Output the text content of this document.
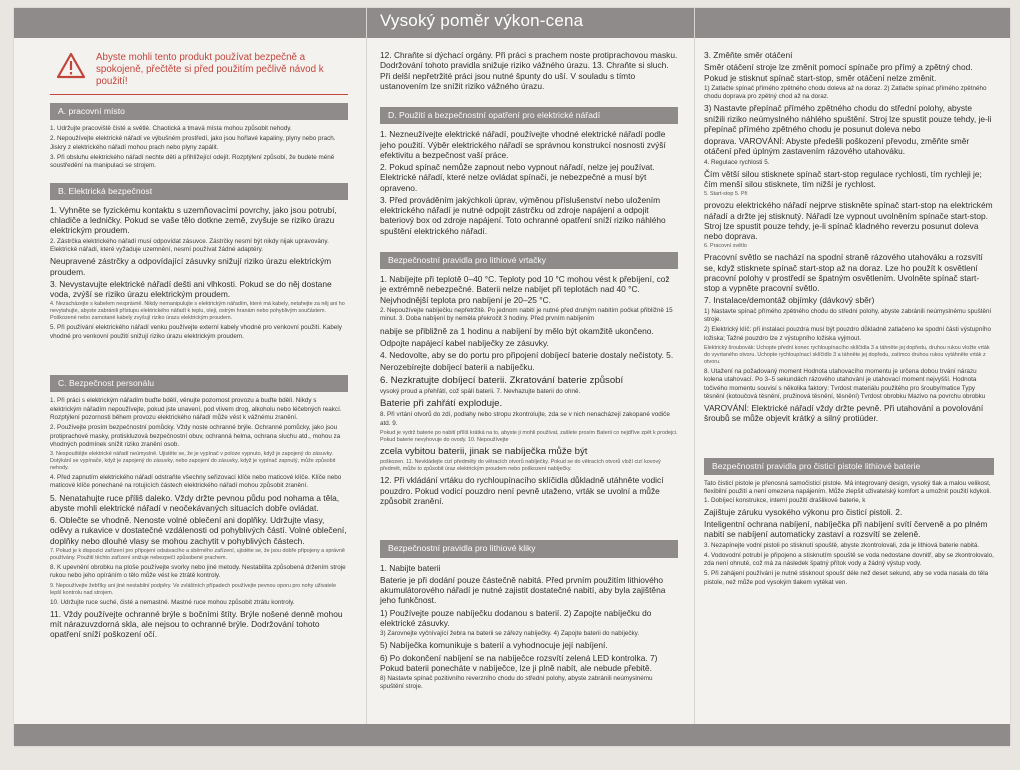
Vysoký poměr výkon-cena
Abyste mohli tento produkt používat bezpečně a spokojeně, přečtěte si před použitím pečlivě návod k použití!
A. pracovní místo

1. Udržujte pracoviště čisté a světlé. Chaotická a tmavá místa mohou způsobit nehody.

2. Nepoužívejte elektrické nářadí ve výbušném prostředí, jako jsou hořlavé kapaliny, plyny nebo prach. Jiskry z elektrického nářadí mohou prach nebo plyny zapálit.

3. Při obsluhu elektrického nářadí nechte děti a přihlížející odejít. Rozptýlení způsobí, že budete méně soustředění na manipulaci se strojem.

B. Elektrická bezpečnost

1. Vyhněte se fyzickému kontaktu s uzemňovacími povrchy, jako jsou potrubí, chladiče a ledničky. Pokud se vaše tělo dotkne země, zvyšuje se riziko úrazu elektrickým proudem.

2. Zástrčka elektrického nářadí musí odpovídat zásuvce. Zástrčky nesmí být nikdy nijak upravovány. Elektrické nářadí, které vyžaduje uzemnění, nesmí používat žádné adaptéry.

Neupravené zástrčky a odpovídající zásuvky snižují riziko úrazu elektrickým proudem.

3. Nevystavujte elektrické nářadí dešti ani vlhkosti. Pokud se do něj dostane voda, zvýší se riziko úrazu elektrickým proudem.

4. Nezacházejte s kabelem nesprávně. Nikdy nemanipulujte s elektrickým nářadím, které má kabely, netahejte za něj ani ho nevytahujte, abyste zabránili přístupu elektrického nářadí k teplu, oleji, ostrým hranám nebo pohyblivým součástem. Poškozené nebo zamotané kabely zvyšují riziko úrazu elektrickým proudem.

5. Při používání elektrického nářadí venku používejte externí kabely vhodné pro venkovní použití. Kabely vhodné pro venkovní použití snižují riziko úrazu elektrickým proudem.

C. Bezpečnost personálu

1. Při práci s elektrickým nářadím buďte bdělí, věnujte pozornost provozu a buďte bdělí. Nikdy s elektrickým nářadím nepoužívejte, pokud jste unavení, pod vlivem drog, alkoholu nebo léčebných reakcí. Rozptýlení pozornosti během provozu elektrického nářadí může vést k vážnému zranění.

2. Používejte prosím bezpečnostní pomůcky. Vždy noste ochranné brýle. Ochranné pomůcky, jako jsou protiprachové masky, protiskluzová bezpečnostní obuv, ochranná helma, ochrana sluchu atd., mohou za vhodných podmínek snížit riziko zranění osob.

3. Nespouštějte elektrické nářadí neúmyslně. Ujistěte se, že je vypínač v poloze vypnuto, když je zapojený do zásuvky. Dotýkání se vypínače, když je zapojený do zásuvky, nebo zapojení do zásuvky, když je vypínač zapnutý, může způsobit nehody.

4. Před zapnutím elektrického nářadí odstraňte všechny seřizovací klíče nebo maticové klíče. Klíče nebo maticové klíče ponechané na rotujících částech elektrického nářadí mohou způsobit zranění.

5. Nenatahujte ruce příliš daleko. Vždy držte pevnou půdu pod nohama a těla, abyste mohli elektrické nářadí v neočekávaných situacích dobře ovládat.

6. Oblečte se vhodně. Nenoste volné oblečení ani doplňky. Udržujte vlasy, oděvy a rukavice v dostatečné vzdálenosti od pohyblivých částí. Volné oblečení, doplňky nebo dlouhé vlasy se mohou zachytit v pohyblivých částech.

7. Pokud je k dispozici zařízení pro připojení odsávacího a sběrného zařízení, ujistěte se, že jsou dobře připojeny a správně používány. Použití těchto zařízení snižuje nebezpečí způsobené prachem.

8. K upevnění obrobku na ploše používejte svorky nebo jiné metody. Nestabilita způsobená držením stroje rukou nebo jeho opíráním o tělo může vést ke ztrátě kontroly.

9. Nepoužívejte žebříky ani jiné nestabilní podpěry. Ve zvláštních případech používejte pevnou oporu pro nohy uživatele lepší kontrolu nad strojem.

10. Udržujte ruce suché, čisté a nemastné. Mastné ruce mohou způsobit ztrátu kontroly.

11. Vždy používejte ochranné brýle s bočními štíty. Brýle nošené denně mohou mít nárazuvzdorná skla, ale nejsou to ochranné brýle. Dodržování tohoto opatření sníží poškození očí.

12. Chraňte si dýchací orgány. Při práci s prachem noste protiprachovou masku. Dodržování tohoto pravidla snižuje riziko vážného úrazu. 13. Chraňte si sluch. Při delší nepřetržité práci jsou nutné špunty do uší. V souladu s tímto ustanovením lze snížit riziko vážného úrazu.

D. Použití a bezpečnostní opatření pro elektrické nářadí

1. Nezneužívejte elektrické nářadí, používejte vhodné elektrické nářadí podle jeho použití. Výběr elektrického nářadí se správnou konstrukcí nosnosti zvýší efektivitu a bezpečnost vaší práce.

2. Pokud spínač nemůže zapnout nebo vypnout nářadí, nelze jej používat. Elektrické nářadí, které nelze ovládat spínači, je nebezpečné a musí být opraveno.

3. Před prováděním jakýchkoli úprav, výměnou příslušenství nebo uložením elektrického nářadí je nutné odpojit zástrčku od zdroje napájení a odpojit bateriový box od zdroje napájení. Toto ochranné opatření sníží riziko náhlého spuštění elektrického nářadí.

Bezpečnostní pravidla pro lithiové vrtačky

1. Nabíjejte při teplotě 0–40 °C. Teploty pod 10 °C mohou vést k přebíjení, což je extrémně nebezpečné. Baterii nelze nabíjet při teplotách nad 40 °C. Nejvhodnější teplota pro nabíjení je 20–25 °C.

2. Nepoužívejte nabíječku nepřetržitě. Po jednom nabití je nutné před druhým nabitím počkat přibližně 15 minut. 3. Doba nabíjení by neměla překročit 3 hodiny. Před prvním nabíjením

nabije se přibližně za 1 hodinu a nabíjení by mělo být okamžitě ukončeno.

Odpojte napájecí kabel nabíječky ze zásuvky.

4. Nedovolte, aby se do portu pro připojení dobíjecí baterie dostaly nečistoty. 5.

Nerozebírejte dobíjecí baterii a nabíječku.

6. Nezkratujte dobíjecí baterii. Zkratování baterie způsobí

vysoký proud a přehřátí, což spálí baterii. 7. Nevhazujte baterii do ohně.

Baterie při zahřátí exploduje.

8. Při vrtání otvorů do zdí, podlahy nebo stropu zkontrolujte, zda se v nich nenacházejí zakopané vodiče atd. 9.

Pokud je vydrž baterie po nabití příliš krátká na to, abyste ji mohli používat, zašlete prosím Baterii co nejdříve zpět k prodejci. Pokud baterie nevyhovuje do ovody. 10. Nepoužívejte

zcela vybitou baterii, jinak se nabíječka může být

poškozen. 11. Nevkládejte cizí předměty do větracích otvorů nabíječky. Pokud se do větracích otvorů vloží cizí kovový předmět, může to způsobit úraz elektrickým proudem nebo poškození nabíječky.

12. Při vkládání vrtáku do rychloupínacího sklíčidla důkladně utáhněte vodicí pouzdro. Pokud vodicí pouzdro není pevně utaženo, vrták se uvolní a může způsobit zranění.

Bezpečnostní pravidla pro lithiové kliky

1. Nabijte baterii

Baterie je při dodání pouze částečně nabitá. Před prvním použitím lithiového akumulátorového nářadí je nutné zajistit dostatečné nabití, aby byla zajištěna jeho funkčnost.

1) Používejte pouze nabíječku dodanou s baterií. 2) Zapojte nabíječku do elektrické zásuvky.

3) Zarovnejte vyčnívající žebra na baterii se zářezy nabíječky. 4) Zapojte baterii do nabíječky.

5) Nabíječka komunikuje s baterií a vyhodnocuje její nabíjení.

6) Po dokončení nabíjení se na nabíječce rozsvítí zelená LED kontrolka. 7) Pokud baterii ponecháte v nabíječce, lze ji plně nabít, ale nebude přebitě.

8) Nastavte spínač pozitivního reverzního chodu do střední polohy, abyste zabránili neúmyslnému spuštění stroje.

3. Změňte směr otáčení

Směr otáčení stroje lze změnit pomocí spínače pro přímý a zpětný chod. Pokud je stisknut spínač start-stop, směr otáčení nelze změnit.

1) Zatlačte spínač přímého zpětného chodu doleva až na doraz. 2) Zatlačte spínač přímého zpětného chodu doprava pro zpětný chod až na doraz.

3) Nastavte přepínač přímého zpětného chodu do střední polohy, abyste snížili riziko neúmyslného náhlého spuštění. Stroj lze spustit pouze tehdy, je-li přepínač přímého zpětného chodu je posunut doleva nebo

doprava. VAROVÁNÍ: Abyste předešli poškození převodu, změňte směr otáčení před úplným zastavením rázového utahováku.

4. Regulace rychlosti 5.

Čím větší silou stisknete spínač start-stop regulace rychlosti, tím rychleji je; čím menší silou stisknete, tím nižší je rychlost.

5. Start-stop 5. Při

provozu elektrického nářadí nejprve stiskněte spínač start-stop na elektrickém nářadí a držte jej stisknutý. Nářadí lze vypnout uvolněním spínače start-stop. Stroj lze spustit pouze tehdy, je-li spínač kladného reverzu posunut doleva nebo doprava.

6. Pracovní světlo

Pracovní světlo se nachází na spodní straně rázového utahováku a rozsvítí se, když stisknete spínač start-stop až na doraz. Lze ho použít k osvětlení pracovní polohy v prostředí se špatným osvětlením. Uvolněte spínač start-stop a vypněte pracovní světlo.

7. Instalace/demontáž objímky (dávkový sběr)

1) Nastavte spínač přímého zpětného chodu do střední polohy, abyste zabránili neúmyslnému spuštění stroje.

2) Elektrický klíč: při instalaci pouzdra musí být pouzdro důkladně zatlačeno ke spodní části výstupního ložiska; Tažné pouzdro lze z výstupního ložiska vyjmout.

Elektrický šroubovák: Uchopte přední konec rychloupínacího sklíčidla 3 a táhněte jej dopředu, druhou rukou vložte vrták do vyvrtaného otvoru. Uchopte rychloupínací sklíčidlo 3 a táhněte jej dopředu, zatímco druhou rukou vytáhněte vrták z otvoru.

8. Utažení na požadovaný moment Hodnota utahovacího momentu je určena dobou trvání nárazu kolena utahovací. Po 3–5 sekundách rázového utahování je utahovací moment nejvyšší. Hodnota točivého momentu souvisí s několika faktory: Tvrdost materiálu použitého pro šrouby/matice Typy těsnění (kotoučová těsnění, pružinová těsnění, těsnění) Tvrdost obrobku Mazivo na povrchu obrobku

VAROVÁNÍ: Elektrické nářadí vždy držte pevně. Při utahování a povolování šroubů se může objevit krátký a silný protiúder.

Bezpečnostní pravidla pro čisticí pistole lithiové baterie

Tato čisticí pistole je přenosná samočisticí pistole. Má integrovaný design, vysoký tlak a malou velikost, flexibilní použití a není omezena napájením. Může zlepšit uživatelský komfort a umožnit použití kdykoli. 1. Dobíjecí konstrukce, interní použití drašlikové baterie, k

Zajištuje záruku vysokého výkonu pro čisticí pistoli. 2.

Inteligentní ochrana nabíjení, nabíječka při nabíjení svítí červeně a po plném nabití se nabíjení automaticky zastaví a rozsvítí se zeleně.

3. Nezapínejte vodní pistoli po stisknutí spouště, abyste zkontrolovali, zda je lithiová baterie nabitá.

4. Vodovodní potrubí je připojeno a stisknutím spouště se voda nedostane dovnitř, aby se zkontrolovalo, zda není ohnuté, což má za následek špatný přítok vody a žádný výstup vody.

5. Při zahájení používání je nutné stisknout spoušť déle než deset sekund, aby se voda nasala do těla pistole, než může pod vysokým tlakem vytékat ven.
